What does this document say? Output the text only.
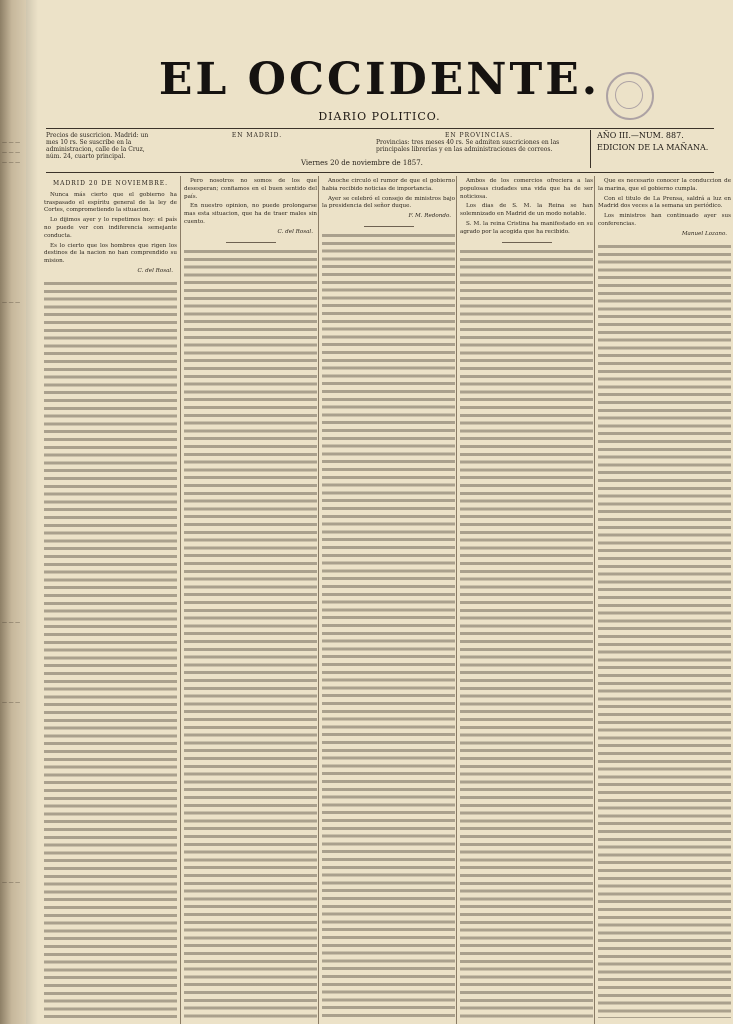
— — —
— — —
— — —
— — —
— — —
— — —
— — —
EL OCCIDENTE.
DIARIO POLITICO.
Precios de suscricion. Madrid: un mes 10 rs. Se suscribe en la administracion, calle de la Cruz, núm. 24, cuarto principal.
EN MADRID.	EN PROVINCIAS.
Provincias: tres meses 40 rs. Se admiten suscriciones en las principales librerías y en las administraciones de correos.
Viernes 20 de noviembre de 1857.
AÑO III.—NUM. 887.
EDICION DE LA MAÑANA.
MADRID 20 DE NOVIEMBRE.

Nunca más cierto que el gobierno ha traspasado el espíritu general de la ley de Cortes, comprometiendo la situacion.

Lo dijimos ayer y lo repetimos hoy: el país no puede ver con indiferencia semejante conducta.

Es lo cierto que los hombres que rigen los destinos de la nacion no han comprendido su mision.

C. del Rosal.

Pero nosotros no somos de los que desesperan; confiamos en el buen sentido del país.

En nuestro opinion, no puede prolongarse mas esta situacion, que ha de traer males sin cuento.

C. del Rosal.

Anoche circuló el rumor de que el gobierno habia recibido noticias de importancia.

Ayer se celebró el consejo de ministros bajo la presidencia del señor duque.

F. M. Redondo.

Ambos de los comercios ofreciera a las populosas ciudades una vida que ha de ser noticiosa.

Los dias de S. M. la Reina se han solemnizado en Madrid de un modo notable.

S. M. la reina Cristina ha manifestado en su agrado por la acogida que ha recibido.

Que es necesario conocer la conduccion de la marina, que el gobierno cumpla.

Con el titulo de La Prensa, saldrá a luz en Madrid dos veces a la semana un periódico.

Los ministros han continuado ayer sus conferencias.

Manuel Lozano.
